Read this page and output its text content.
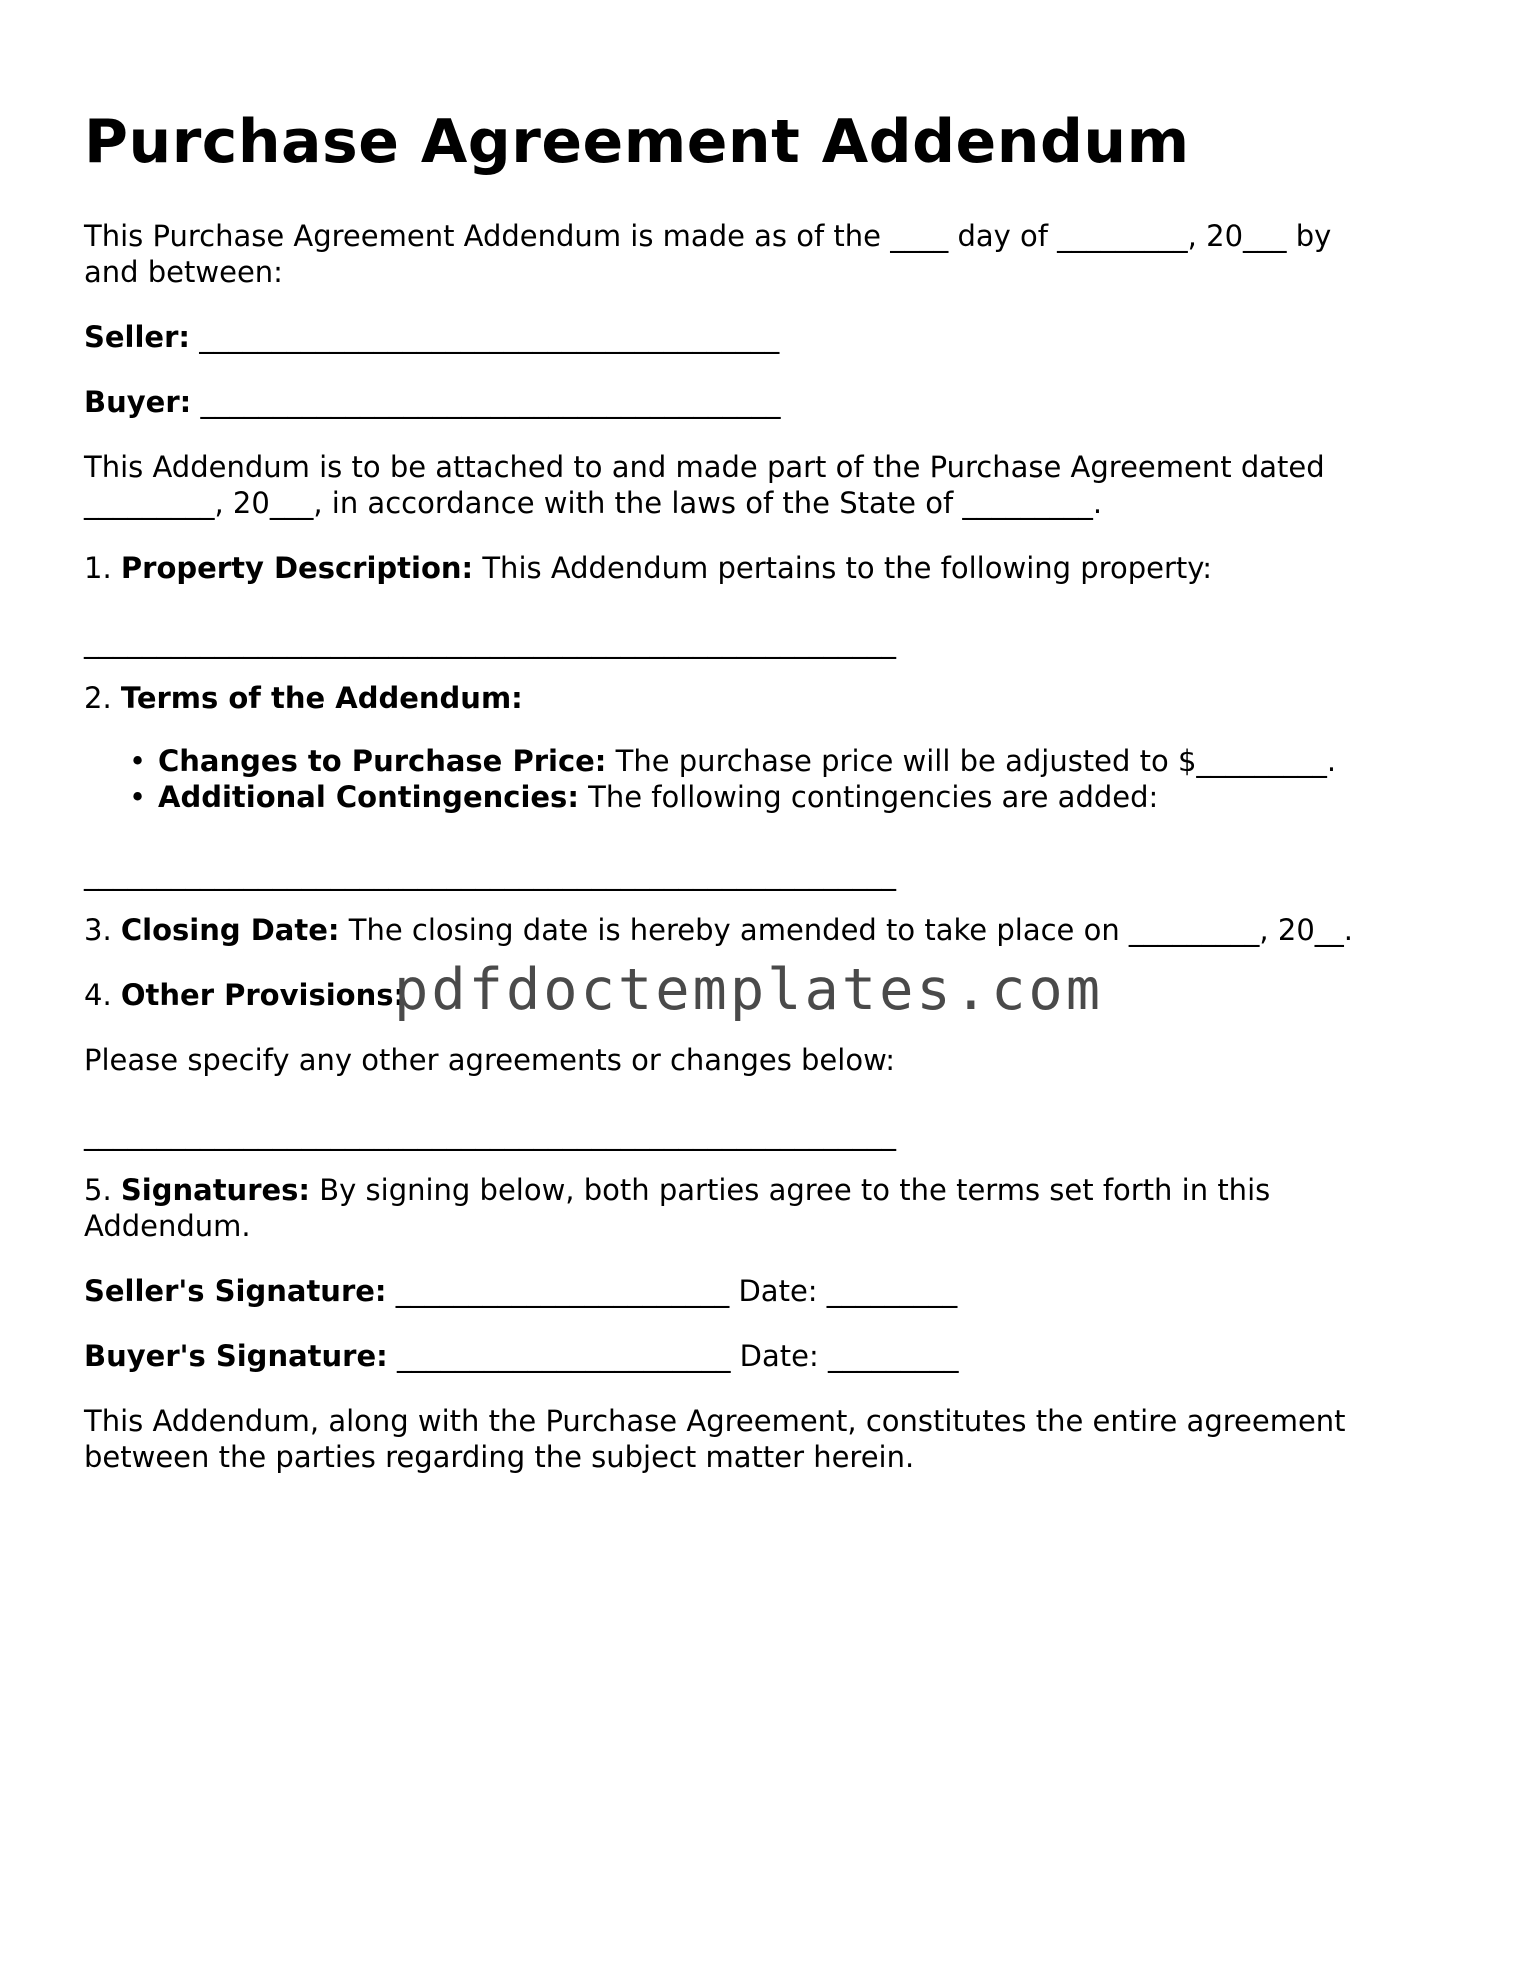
Purchase Agreement Addendum

This Purchase Agreement Addendum is made as of the ____ day of _________, 20___ by

and between:

Seller: ________________________________________

Buyer: ________________________________________

This Addendum is to be attached to and made part of the Purchase Agreement dated

_________, 20___, in accordance with the laws of the State of _________.

1. Property Description: This Addendum pertains to the following property:

________________________________________________________

2. Terms of the Addendum:

• Changes to Purchase Price: The purchase price will be adjusted to $_________.
• Additional Contingencies: The following contingencies are added:

________________________________________________________

3. Closing Date: The closing date is hereby amended to take place on _________, 20__.

4. Other Provisions:

Please specify any other agreements or changes below:

________________________________________________________

5. Signatures: By signing below, both parties agree to the terms set forth in this

Addendum.

Seller's Signature: _______________________ Date: _________

Buyer's Signature: _______________________ Date: _________

This Addendum, along with the Purchase Agreement, constitutes the entire agreement

between the parties regarding the subject matter herein.

pdfdoctemplates.com
